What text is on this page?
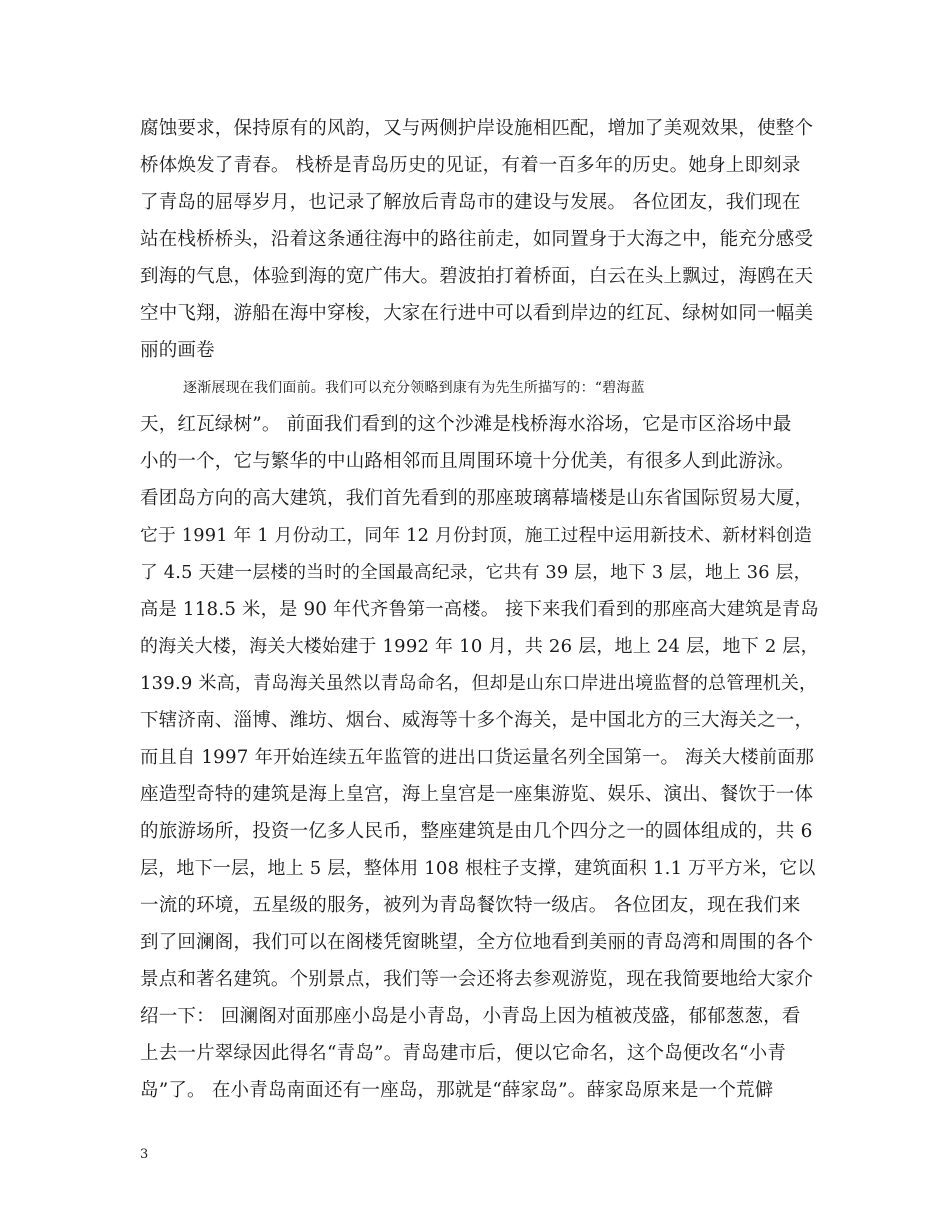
腐蚀要求，保持原有的风韵，又与两侧护岸设施相匹配，增加了美观效果，使整个
桥体焕发了青春。 栈桥是青岛历史的见证，有着一百多年的历史。她身上即刻录
了青岛的屈辱岁月，也记录了解放后青岛市的建设与发展。 各位团友，我们现在
站在栈桥桥头，沿着这条通往海中的路往前走，如同置身于大海之中，能充分感受
到海的气息，体验到海的宽广伟大。碧波拍打着桥面，白云在头上飘过，海鸥在天
空中飞翔，游船在海中穿梭，大家在行进中可以看到岸边的红瓦、绿树如同一幅美
丽的画卷
逐渐展现在我们面前。我们可以充分领略到康有为先生所描写的：“碧海蓝
天，红瓦绿树”。 前面我们看到的这个沙滩是栈桥海水浴场，它是市区浴场中最
小的一个，它与繁华的中山路相邻而且周围环境十分优美，有很多人到此游泳。
看团岛方向的高大建筑，我们首先看到的那座玻璃幕墙楼是山东省国际贸易大厦，
它于 1991 年 1 月份动工，同年 12 月份封顶，施工过程中运用新技术、新材料创造
了 4.5 天建一层楼的当时的全国最高纪录，它共有 39 层，地下 3 层，地上 36 层，
高是 118.5 米，是 90 年代齐鲁第一高楼。 接下来我们看到的那座高大建筑是青岛
的海关大楼，海关大楼始建于 1992 年 10 月，共 26 层，地上 24 层，地下 2 层，
139.9 米高，青岛海关虽然以青岛命名，但却是山东口岸进出境监督的总管理机关，
下辖济南、淄博、潍坊、烟台、威海等十多个海关，是中国北方的三大海关之一，
而且自 1997 年开始连续五年监管的进出口货运量名列全国第一。 海关大楼前面那
座造型奇特的建筑是海上皇宫，海上皇宫是一座集游览、娱乐、演出、餐饮于一体
的旅游场所，投资一亿多人民币，整座建筑是由几个四分之一的圆体组成的，共 6
层，地下一层，地上 5 层，整体用 108 根柱子支撑，建筑面积 1.1 万平方米，它以
一流的环境，五星级的服务，被列为青岛餐饮特一级店。 各位团友，现在我们来
到了回澜阁，我们可以在阁楼凭窗眺望，全方位地看到美丽的青岛湾和周围的各个
景点和著名建筑。个别景点，我们等一会还将去参观游览，现在我简要地给大家介
绍一下： 回澜阁对面那座小岛是小青岛，小青岛上因为植被茂盛，郁郁葱葱，看
上去一片翠绿因此得名“青岛”。青岛建市后，便以它命名，这个岛便改名“小青
岛”了。 在小青岛南面还有一座岛，那就是“薛家岛”。薛家岛原来是一个荒僻
3
